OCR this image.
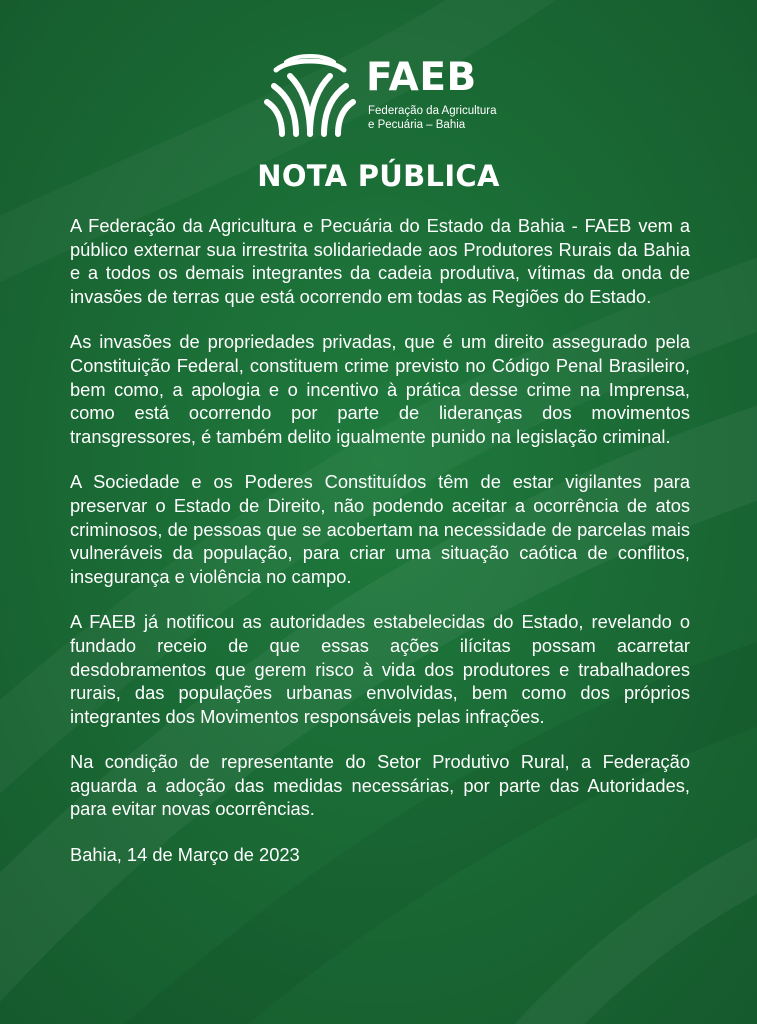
FAEB
Federação da Agricultura
e Pecuária – Bahia
NOTA PÚBLICA

A Federação da Agricultura e Pecuária do Estado da Bahia - FAEB vem a público externar sua irrestrita solidariedade aos Produtores Rurais da Bahia e a todos os demais integrantes da cadeia produtiva, vítimas da onda de invasões de terras que está ocorrendo em todas as Regiões do Estado.

As invasões de propriedades privadas, que é um direito assegurado pela Constituição Federal, constituem crime previsto no Código Penal Brasileiro, bem como, a apologia e o incentivo à prática desse crime na Imprensa, como está ocorrendo por parte de lideranças dos movimentos transgressores, é também delito igualmente punido na legislação criminal.

A Sociedade e os Poderes Constituídos têm de estar vigilantes para preservar o Estado de Direito, não podendo aceitar a ocorrência de atos criminosos, de pessoas que se acobertam na necessidade de parcelas mais vulneráveis da população, para criar uma situação caótica de conflitos, insegurança e violência no campo.

A FAEB já notificou as autoridades estabelecidas do Estado, revelando o fundado receio de que essas ações ilícitas possam acarretar desdobramentos que gerem risco à vida dos produtores e trabalhadores rurais, das populações urbanas envolvidas, bem como dos próprios integrantes dos Movimentos responsáveis pelas infrações.

Na condição de representante do Setor Produtivo Rural, a Federação aguarda a adoção das medidas necessárias, por parte das Autoridades, para evitar novas ocorrências.

Bahia, 14 de Março de 2023
